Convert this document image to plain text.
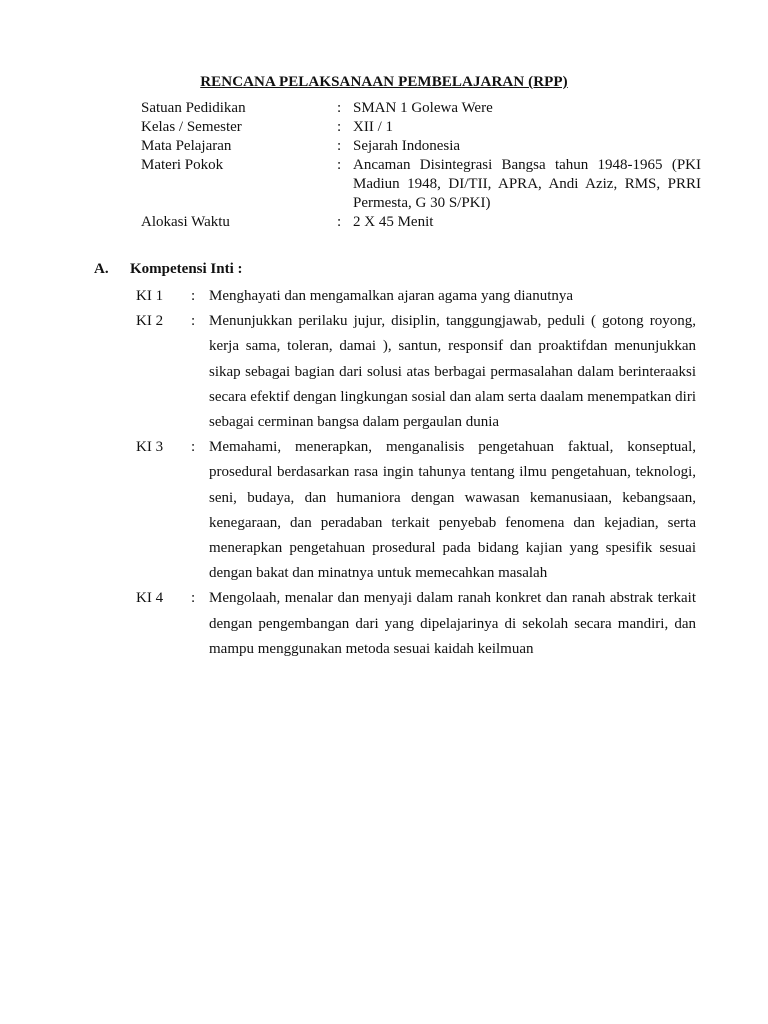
RENCANA PELAKSANAAN PEMBELAJARAN (RPP)
Satuan Pedidikan	: SMAN 1 Golewa Were
Kelas / Semester	: XII / 1
Mata Pelajaran	: Sejarah Indonesia
Materi Pokok	: Ancaman Disintegrasi Bangsa tahun 1948-1965 (PKI Madiun 1948, DI/TII, APRA, Andi Aziz, RMS, PRRI Permesta, G 30 S/PKI)
Alokasi Waktu	: 2 X 45 Menit
A.	Kompetensi Inti :
KI 1	: Menghayati dan mengamalkan ajaran agama yang dianutnya
KI 2	: Menunjukkan perilaku jujur, disiplin, tanggungjawab, peduli ( gotong royong, kerja sama, toleran, damai ), santun, responsif dan proaktifdan menunjukkan sikap sebagai bagian dari solusi atas berbagai permasalahan dalam berinteraaksi secara efektif dengan lingkungan sosial dan alam serta daalam menempatkan diri sebagai cerminan bangsa dalam pergaulan dunia
KI 3	: Memahami, menerapkan, menganalisis pengetahuan faktual, konseptual, prosedural berdasarkan rasa ingin tahunya tentang ilmu pengetahuan, teknologi, seni, budaya, dan humaniora dengan wawasan kemanusiaan, kebangsaan, kenegaraan, dan peradaban terkait penyebab fenomena dan kejadian, serta menerapkan pengetahuan prosedural pada bidang kajian yang spesifik sesuai dengan bakat dan minatnya untuk memecahkan masalah
KI 4	: Mengolaah, menalar dan menyaji dalam ranah konkret dan ranah abstrak terkait dengan pengembangan dari yang dipelajarinya di sekolah secara mandiri, dan mampu menggunakan metoda sesuai kaidah keilmuan
